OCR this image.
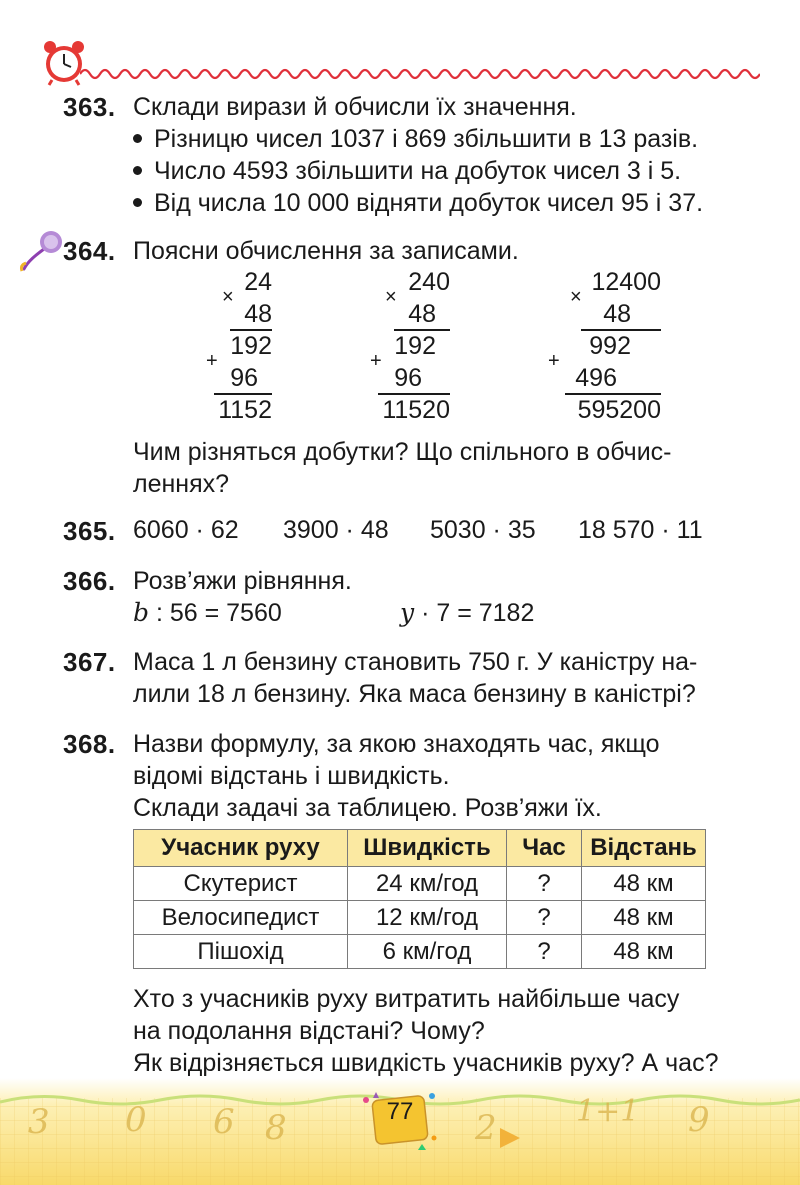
363. Склади вирази й обчисли їх значення.
Різницю чисел 1037 і 869 збільшити в 13 разів.
Число 4593 збільшити на добуток чисел 3 і 5.
Від числа 10 000 відняти добуток чисел 95 і 37.
364. Поясни обчислення за записами.
24
×
48
192
+
96
1152
240
×
48
192
+
96
11520
12400
×
48
992
+
496
595200
Чим різняться добутки? Що спільного в обчис-
леннях?
365. 6060 · 62 3900 · 48 5030 · 35 18 570 · 11
366. Розв’яжи рівняння.
b : 56 = 7560	y · 7 = 7182
367. Маса 1 л бензину становить 750 г. У каністру на-
лили 18 л бензину. Яка маса бензину в каністрі?
368. Назви формулу, за якою знаходять час, якщо
відомі відстань і швидкість.
Склади задачі за таблицею. Розв’яжи їх.
Учасник руху	Швидкість	Час	Відстань
Скутерист	24 км/год	?	48 км
Велосипедист	12 км/год	?	48 км
Пішохід	6 км/год	?	48 км
Хто з учасників руху витратить найбільше часу
на подолання відстані? Чому?
Як відрізняється швидкість учасників руху? А час?
3 0 6 8	2	1+1 9
77
